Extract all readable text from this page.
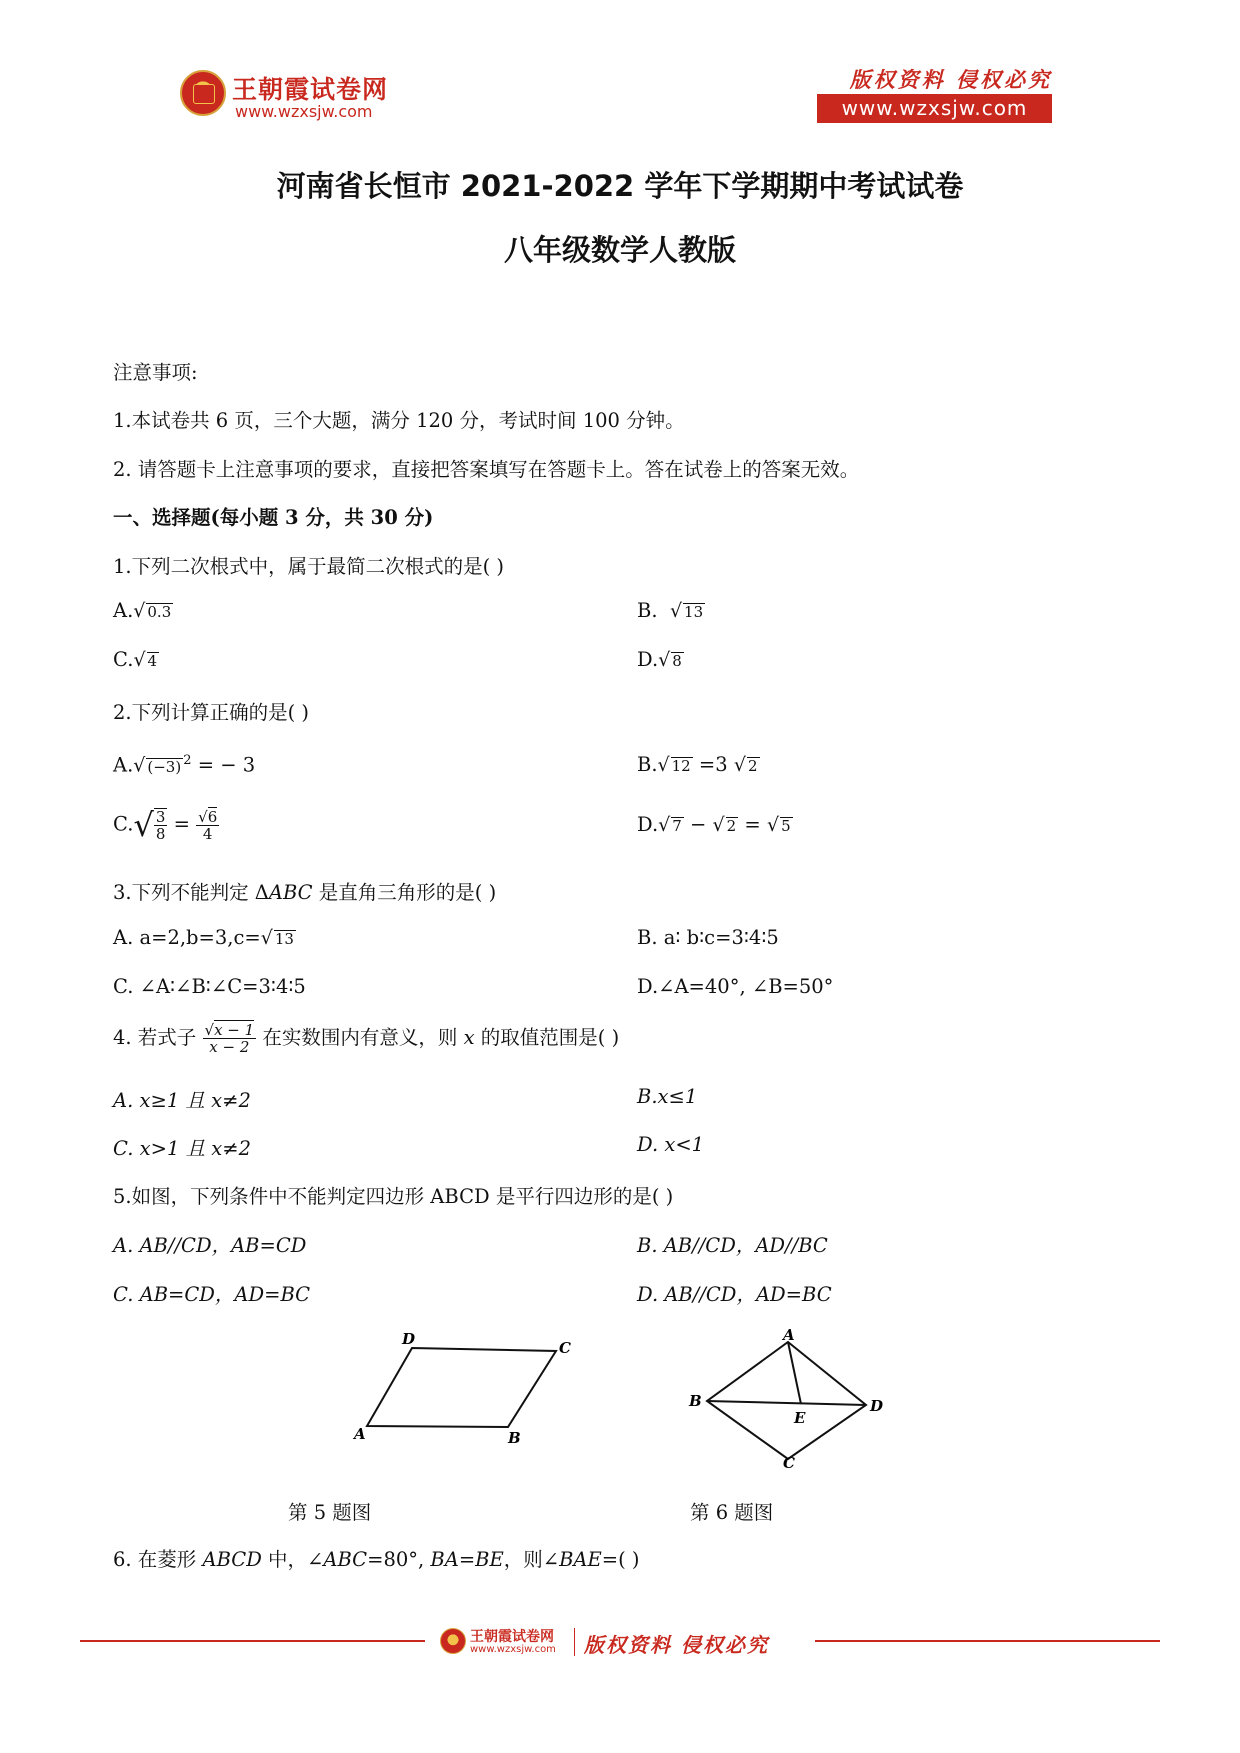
王朝霞试卷网
www.wzxsjw.com
版权资料 侵权必究
www.wzxsjw.com
河南省长恒市 2021-2022 学年下学期期中考试试卷
八年级数学人教版
注意事项:
1.本试卷共 6 页，三个大题，满分 120 分，考试时间 100 分钟。
2. 请答题卡上注意事项的要求，直接把答案填写在答题卡上。答在试卷上的答案无效。
一、选择题(每小题 3 分，共 30 分)
1.下列二次根式中，属于最简二次根式的是( )
A.√ 0.3	B. √ 13
C.√ 4	D.√ 8
2.下列计算正确的是( )
A.√ (−3) $^2$ = − 3	B.√ 12 =3 √ 2
$C.√ \frac{3}{8} = \frac{√6}{4}$	D.√ 7 − √ 2 = √ 5
3.下列不能判定 ΔABC 是直角三角形的是( )
A. a=2,b=3,c=√ 13	B. a∶ b∶c=3∶4∶5
C. ∠A∶∠B∶∠C=3∶4∶5	D.∠A=40°, ∠B=50°
4. 若式子 $\frac{√x - 1}{x - 2}$ 在实数围内有意义，则 x 的取值范围是( )
A. x≥1 且 x≠2	B.x≤1
C. x>1 且 x≠2	D. x<1
5.如图，下列条件中不能判定四边形 ABCD 是平行四边形的是( )
A. AB//CD，AB=CD	B. AB//CD，AD//BC
C. AB=CD，AD=BC	D. AB//CD，AD=BC
D	C
A	B
A
B	D
E
C
第 5 题图	第 6 题图
6. 在菱形 ABCD 中，∠ABC=80°, BA=BE，则∠BAE=( )
王朝霞试卷网
www.wzxsjw.com 版权资料 侵权必究
